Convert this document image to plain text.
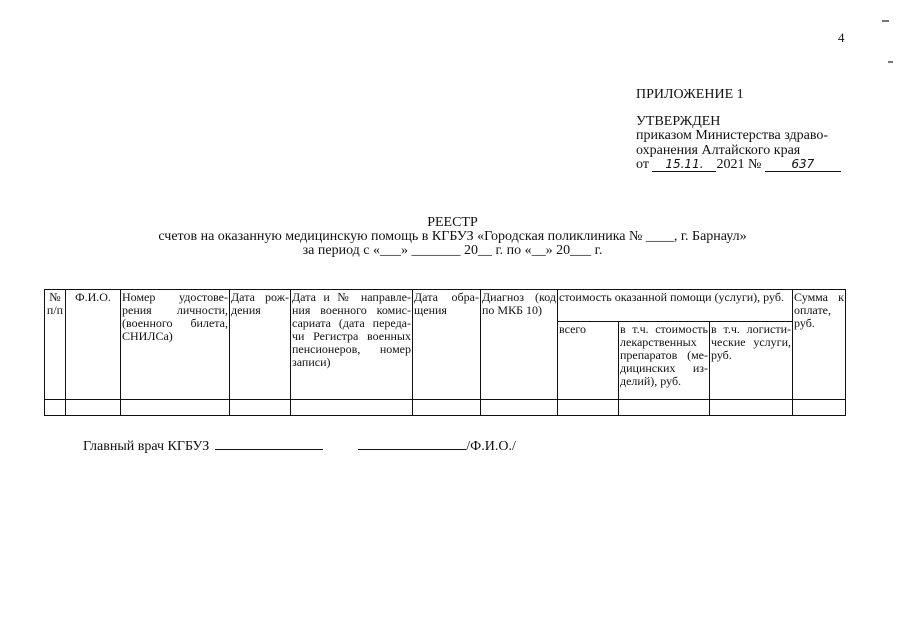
4
ПРИЛОЖЕНИЕ 1
УТВЕРЖДЕН
приказом Министерства здраво-
охранения Алтайского края
от 15.11. 2021 №	637
РЕЕСТР
счетов на оказанную медицинскую помощь в КГБУЗ «Городская поликлиника № ____, г. Барнаул»
за период с «___» _______ 20__ г. по «__» 20___ г.
№ п/п	Ф.И.О.	Номер удостове-рения личности, (военного билета, СНИЛСа)	Дата рож-дения	Дата и № направле-ния военного комис-сариата (дата переда-чи Регистра военных пенсионеров, номер записи)	Дата обра-щения	Диагноз (код по МКБ 10)	стоимость оказанной помощи (услуги), руб.			Сумма к оплате, руб.
							всего	в т.ч. стоимость лекарственных препаратов (ме-дицинских из-делий), руб.	в т.ч. логисти-ческие услуги, руб.	

Главный врач КГБУЗ	/Ф.И.О./
